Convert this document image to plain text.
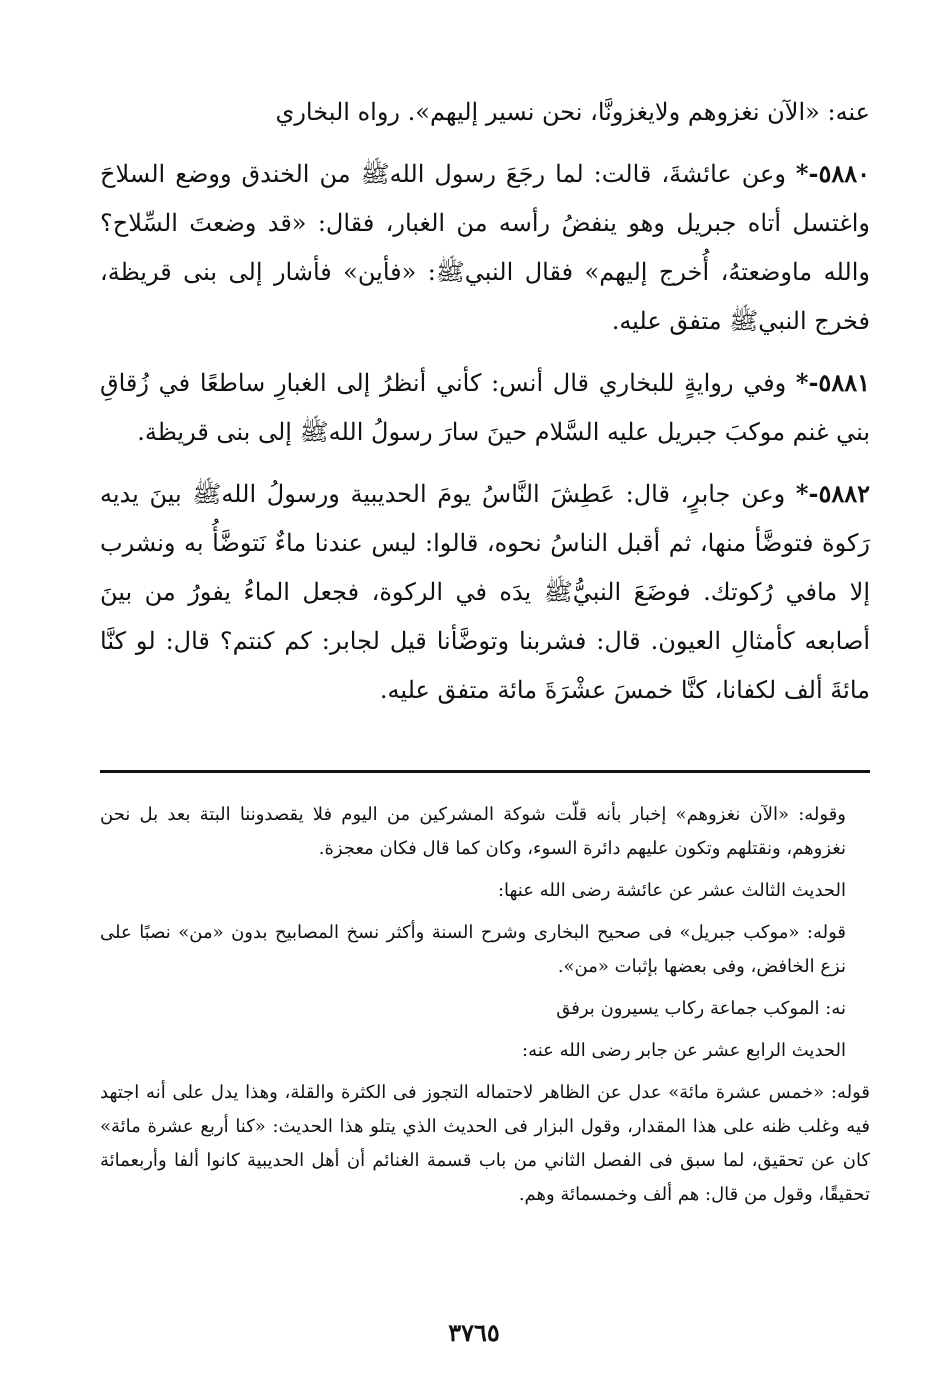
عنه: «الآن نغزوهم ولايغزونَّا، نحن نسير إليهم». رواه البخاري

٥٨٨٠-* وعن عائشةَ، قالت: لما رجَعَ رسول اللهﷺ من الخندق ووضع السلاحَ واغتسل أتاه جبريل وهو ينفضُ رأسه من الغبار، فقال: «قد وضعتَ السِّلاح؟ والله ماوضعتهُ، أُخرج إليهم» فقال النبيﷺ: «فأين» فأشار إلى بنى قريظة، فخرج النبيﷺ متفق عليه.

٥٨٨١-* وفي روايةٍ للبخاري قال أنس: كأني أنظرُ إلى الغبارِ ساطعًا في زُقاقِ بني غنم موكبَ جبريل عليه السَّلام حينَ سارَ رسولُ اللهﷺ إلى بنى قريظة.

٥٨٨٢-* وعن جابرٍ، قال: عَطِشَ النَّاسُ يومَ الحديبية ورسولُ اللهﷺ بينَ يديه رَكوة فتوضَّأ منها، ثم أقبل الناسُ نحوه، قالوا: ليس عندنا ماءٌ نَتوضَّأُ به ونشرب إلا مافي رُكوتك. فوضَعَ النبيُّﷺ يدَه في الركوة، فجعل الماءُ يفورُ من بينَ أصابعه كأمثالِ العيون. قال: فشربنا وتوضَّأنا قيل لجابر: كم كنتم؟ قال: لو كنَّا مائةَ ألف لكفانا، كنَّا خمسَ عشْرَةَ مائة متفق عليه.

وقوله: «الآن نغزوهم» إخبار بأنه قلّت شوكة المشركين من اليوم فلا يقصدوننا البتة بعد بل نحن نغزوهم، ونقتلهم وتكون عليهم دائرة السوء، وكان كما قال فكان معجزة.

الحديث الثالث عشر عن عائشة رضى الله عنها:

قوله: «موكب جبريل» فى صحيح البخارى وشرح السنة وأكثر نسخ المصابيح بدون «من» نصبًا على نزع الخافض، وفى بعضها بإثبات «من».

نه: الموكب جماعة ركاب يسيرون برفق

الحديث الرابع عشر عن جابر رضى الله عنه:

قوله: «خمس عشرة مائة» عدل عن الظاهر لاحتماله التجوز فى الكثرة والقلة، وهذا يدل على أنه اجتهد فيه وغلب ظنه على هذا المقدار، وقول البزار فى الحديث الذي يتلو هذا الحديث: «كنا أربع عشرة مائة» كان عن تحقيق، لما سبق فى الفصل الثاني من باب قسمة الغنائم أن أهل الحديبية كانوا ألفا وأربعمائة تحقيقًا، وقول من قال: هم ألف وخمسمائة وهم.

٣٧٦٥
